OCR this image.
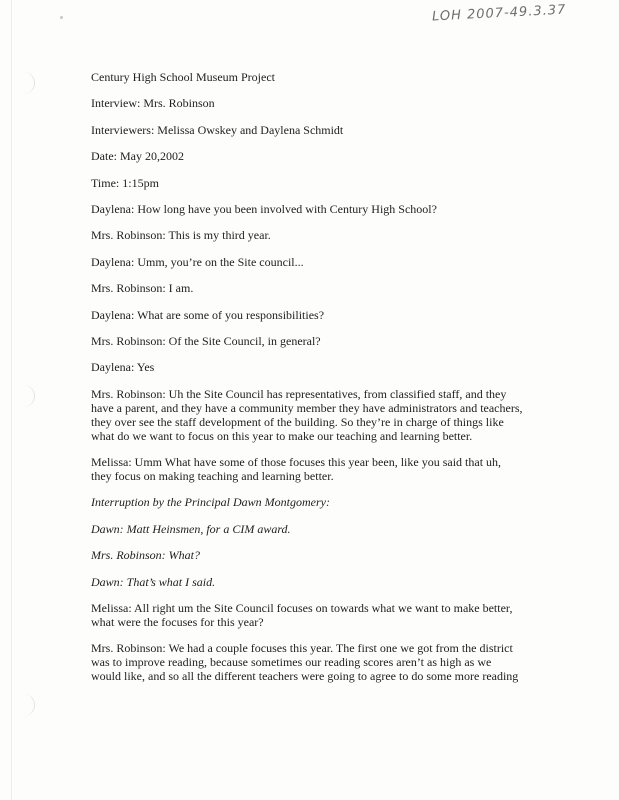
LOH 2007-49.3.37

Century High School Museum Project

Interview: Mrs. Robinson

Interviewers: Melissa Owskey and Daylena Schmidt

Date: May 20,2002

Time: 1:15pm

Daylena: How long have you been involved with Century High School?

Mrs. Robinson: This is my third year.

Daylena: Umm, you’re on the Site council...

Mrs. Robinson: I am.

Daylena: What are some of you responsibilities?

Mrs. Robinson: Of the Site Council, in general?

Daylena: Yes

Mrs. Robinson: Uh the Site Council has representatives, from classified staff, and they
have a parent, and they have a community member they have administrators and teachers,
they over see the staff development of the building. So they’re in charge of things like
what do we want to focus on this year to make our teaching and learning better.

Melissa: Umm What have some of those focuses this year been, like you said that uh,
they focus on making teaching and learning better.

Interruption by the Principal Dawn Montgomery:

Dawn: Matt Heinsmen, for a CIM award.

Mrs. Robinson: What?

Dawn: That’s what I said.

Melissa: All right um the Site Council focuses on towards what we want to make better,
what were the focuses for this year?

Mrs. Robinson: We had a couple focuses this year. The first one we got from the district
was to improve reading, because sometimes our reading scores aren’t as high as we
would like, and so all the different teachers were going to agree to do some more reading
